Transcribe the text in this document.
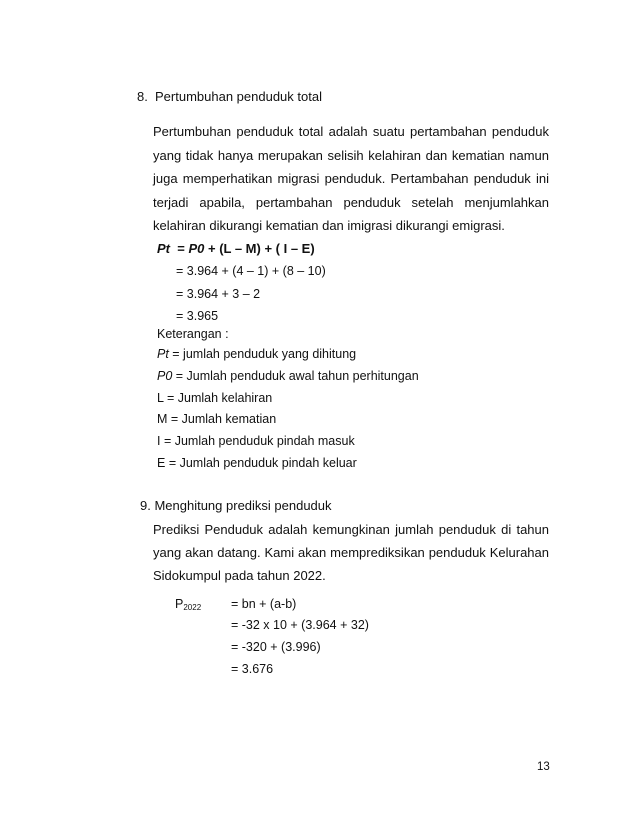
8. Pertumbuhan penduduk total
Pertumbuhan penduduk total adalah suatu pertambahan penduduk
yang tidak hanya merupakan selisih kelahiran dan kematian namun
juga memperhatikan migrasi penduduk. Pertambahan penduduk ini
terjadi apabila, pertambahan penduduk setelah menjumlahkan
kelahiran dikurangi kematian dan imigrasi dikurangi emigrasi.
Pt = P0 + (L – M) + ( I – E)
= 3.964 + (4 – 1) + (8 – 10)
= 3.964 + 3 – 2
= 3.965
Keterangan :
Pt = jumlah penduduk yang dihitung
P0 = Jumlah penduduk awal tahun perhitungan
L = Jumlah kelahiran
M = Jumlah kematian
I = Jumlah penduduk pindah masuk
E = Jumlah penduduk pindah keluar
9. Menghitung prediksi penduduk
Prediksi Penduduk adalah kemungkinan jumlah penduduk di tahun
yang akan datang. Kami akan memprediksikan penduduk Kelurahan
Sidokumpul pada tahun 2022.
$P_{2022}$ = bn + (a-b)
= -32 x 10 + (3.964 + 32)
= -320 + (3.996)
= 3.676
13
